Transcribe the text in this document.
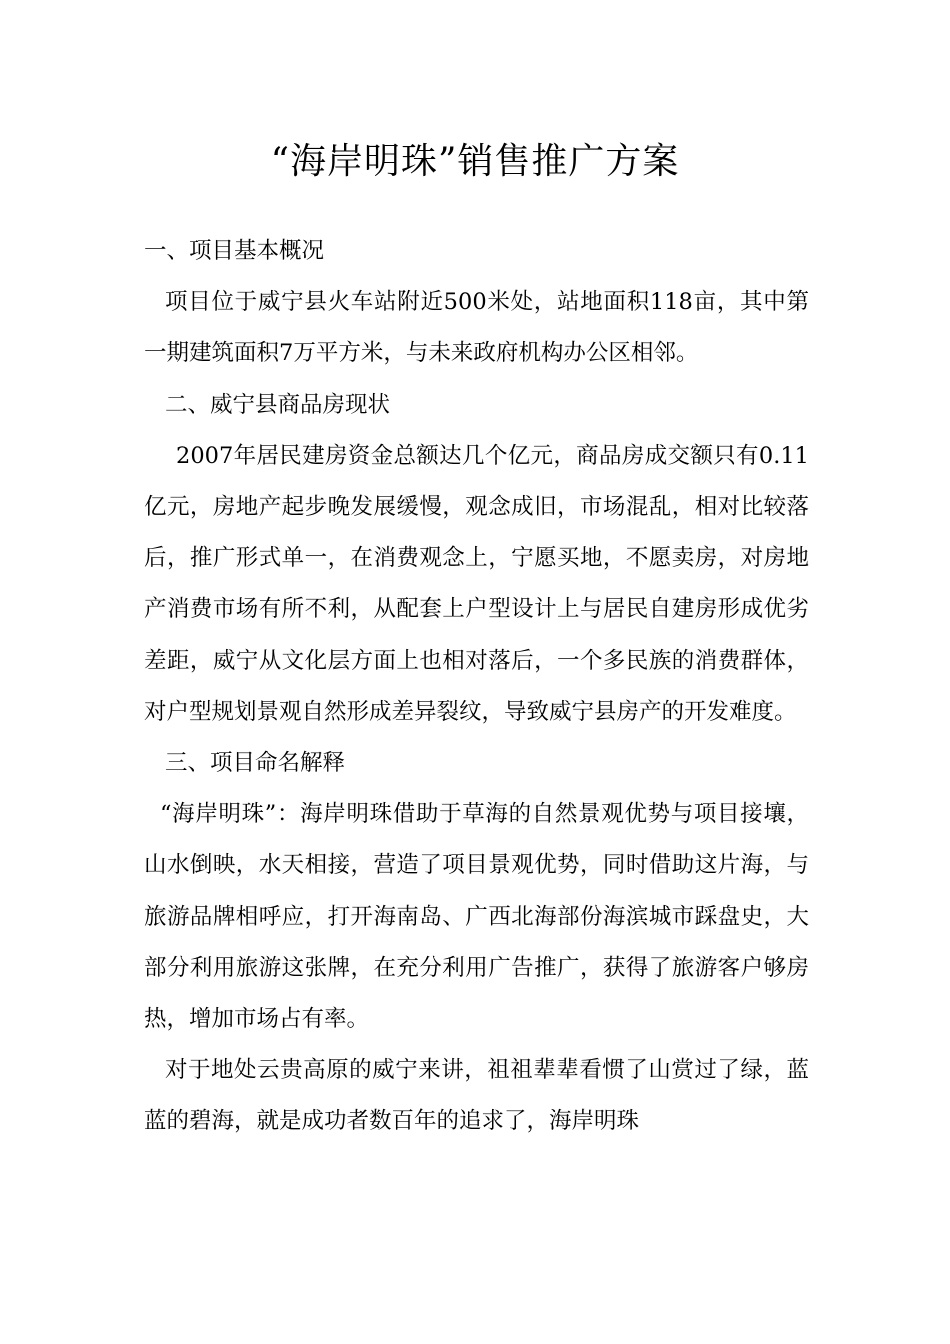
“海岸明珠”销售推广方案

一、项目基本概况

项目位于威宁县火车站附近500米处，站地面积118亩，其中第一期建筑面积7万平方米，与未来政府机构办公区相邻。

二、威宁县商品房现状

2007年居民建房资金总额达几个亿元，商品房成交额只有0.11亿元，房地产起步晚发展缓慢，观念成旧，市场混乱，相对比较落后，推广形式单一，在消费观念上，宁愿买地，不愿卖房，对房地产消费市场有所不利，从配套上户型设计上与居民自建房形成优劣差距，威宁从文化层方面上也相对落后，一个多民族的消费群体，对户型规划景观自然形成差异裂纹，导致威宁县房产的开发难度。

三、项目命名解释

“海岸明珠”：海岸明珠借助于草海的自然景观优势与项目接壤，山水倒映，水天相接，营造了项目景观优势，同时借助这片海，与旅游品牌相呼应，打开海南岛、广西北海部份海滨城市踩盘史，大部分利用旅游这张牌，在充分利用广告推广，获得了旅游客户够房热，增加市场占有率。

对于地处云贵高原的威宁来讲，祖祖辈辈看惯了山赏过了绿，蓝蓝的碧海，就是成功者数百年的追求了，海岸明珠
